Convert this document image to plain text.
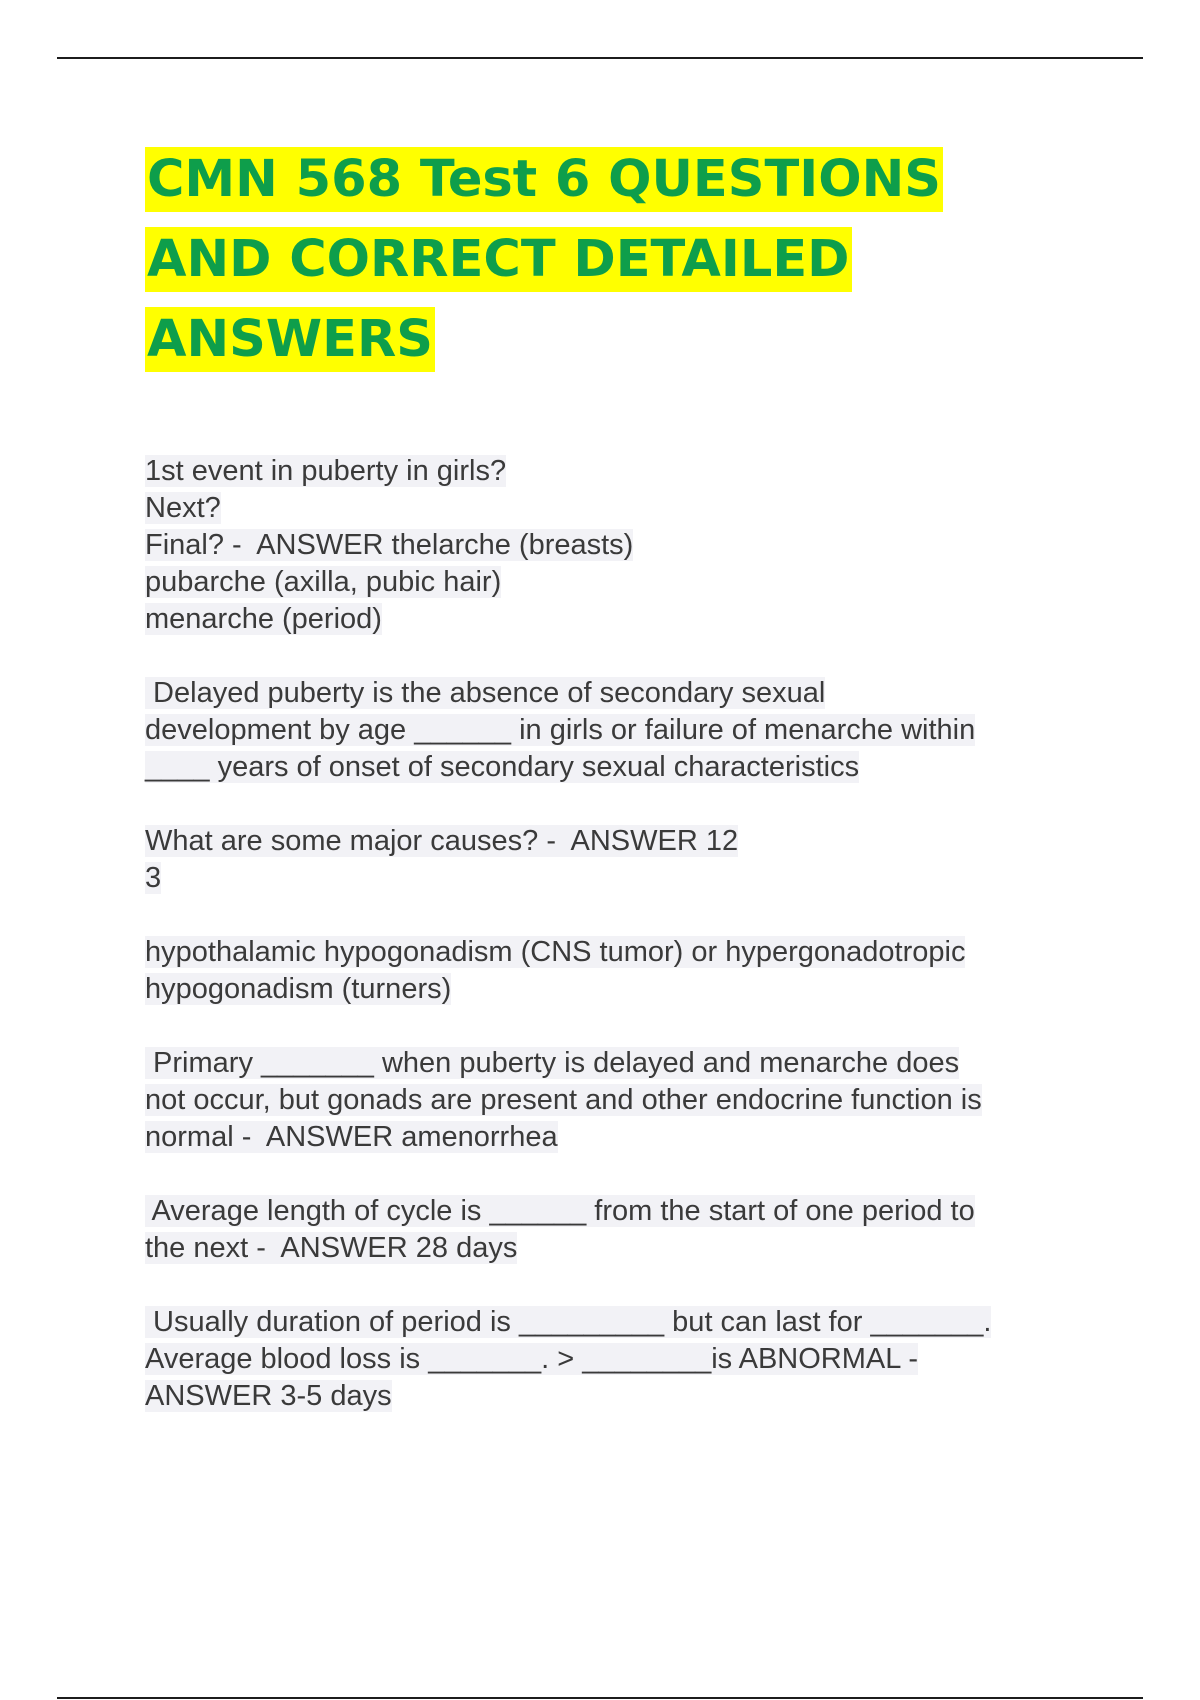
CMN 568 Test 6 QUESTIONS
AND CORRECT DETAILED
ANSWERS
1st event in puberty in girls?
Next?
Final? -  ANSWER thelarche (breasts)
pubarche (axilla, pubic hair)
menarche (period)
Delayed puberty is the absence of secondary sexual
development by age ______ in girls or failure of menarche within
____ years of onset of secondary sexual characteristics
What are some major causes? -  ANSWER 12
3
hypothalamic hypogonadism (CNS tumor) or hypergonadotropic
hypogonadism (turners)
Primary _______ when puberty is delayed and menarche does
not occur, but gonads are present and other endocrine function is
normal -  ANSWER amenorrhea
Average length of cycle is ______ from the start of one period to
the next -  ANSWER 28 days
Usually duration of period is _________ but can last for _______.
Average blood loss is _______. > ________is ABNORMAL -
ANSWER 3-5 days
